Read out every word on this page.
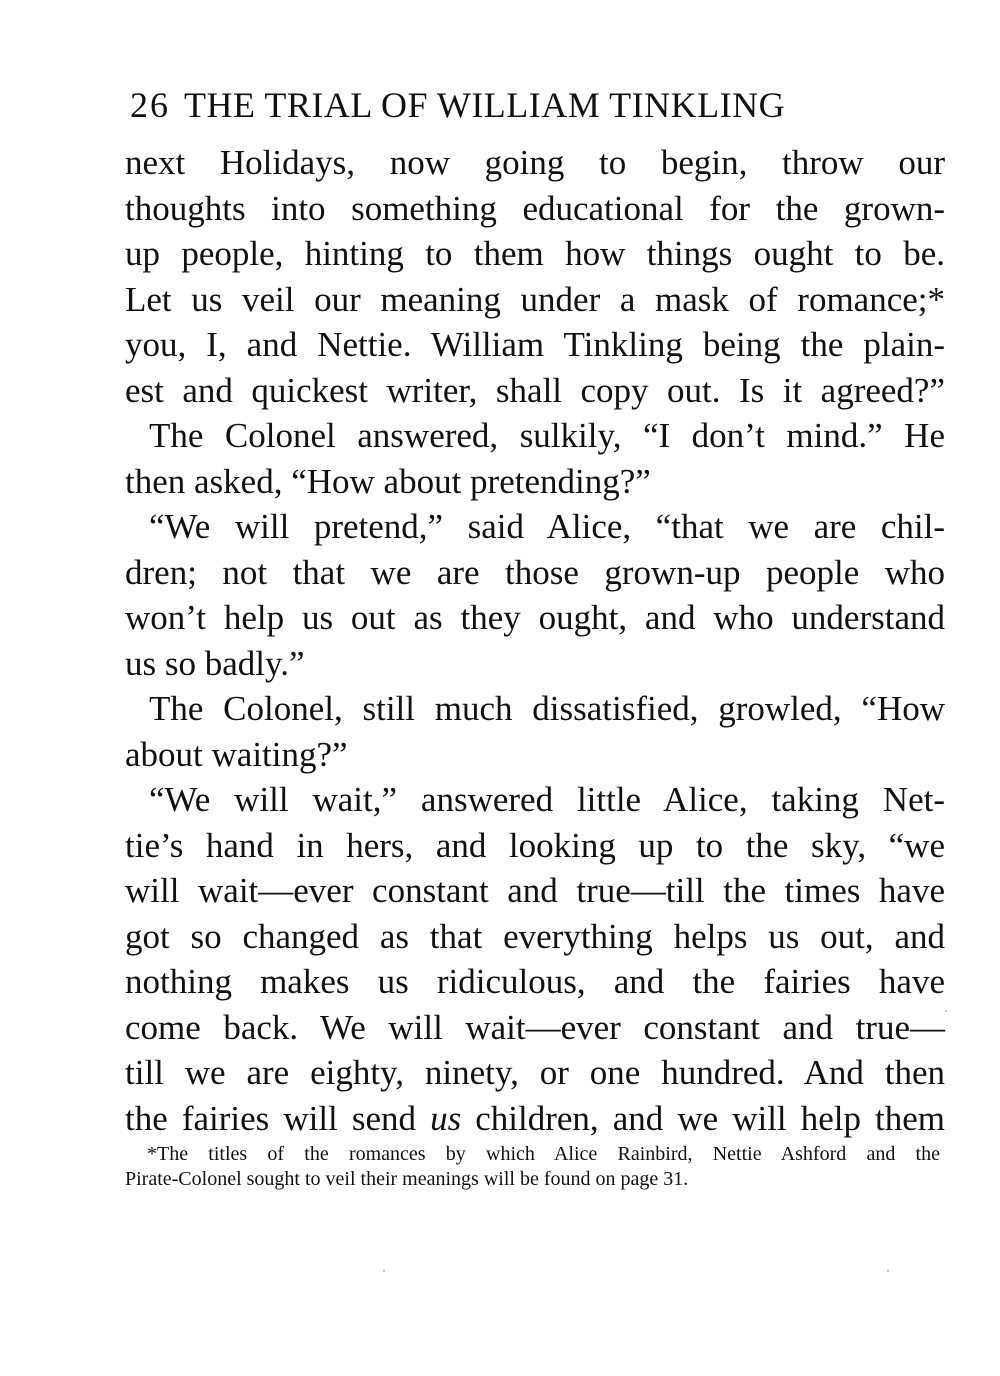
26 THE TRIAL OF WILLIAM TINKLING
next Holidays, now going to begin, throw our
thoughts into something educational for the grown-
up people, hinting to them how things ought to be.
Let us veil our meaning under a mask of romance;*
you, I, and Nettie. William Tinkling being the plain-
est and quickest writer, shall copy out. Is it agreed?”
The Colonel answered, sulkily, “I don’t mind.” He
then asked, “How about pretending?”
“We will pretend,” said Alice, “that we are chil-
dren; not that we are those grown-up people who
won’t help us out as they ought, and who understand
us so badly.”
The Colonel, still much dissatisfied, growled, “How
about waiting?”
“We will wait,” answered little Alice, taking Net-
tie’s hand in hers, and looking up to the sky, “we
will wait—ever constant and true—till the times have
got so changed as that everything helps us out, and
nothing makes us ridiculous, and the fairies have
come back. We will wait—ever constant and true—
till we are eighty, ninety, or one hundred. And then
the fairies will send us children, and we will help them
*The titles of the romances by which Alice Rainbird, Nettie Ashford and the
Pirate-Colonel sought to veil their meanings will be found on page 31.
